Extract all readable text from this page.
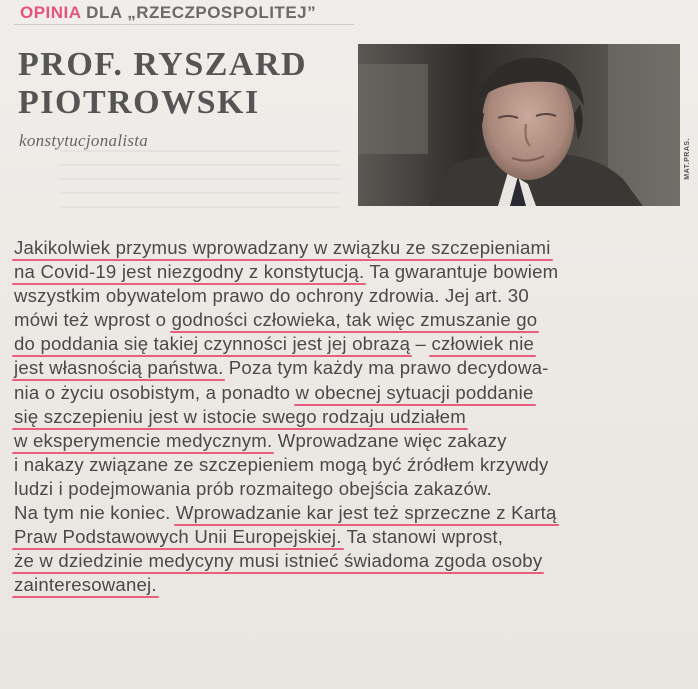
OPINIA DLA „RZECZPOSPOLITEJ”
PROF. RYSZARD
PIOTROWSKI
konstytucjonalista	MAT.PRAS.
Jakikolwiek przymus wprowadzany w związku ze szczepieniami
na Covid-19 jest niezgodny z konstytucją. Ta gwarantuje bowiem
wszystkim obywatelom prawo do ochrony zdrowia. Jej art. 30
mówi też wprost o godności człowieka, tak więc zmuszanie go
do poddania się takiej czynności jest jej obrazą – człowiek nie
jest własnością państwa. Poza tym każdy ma prawo decydowa-
nia o życiu osobistym, a ponadto w obecnej sytuacji poddanie
się szczepieniu jest w istocie swego rodzaju udziałem
w eksperymencie medycznym. Wprowadzane więc zakazy
i nakazy związane ze szczepieniem mogą być źródłem krzywdy
ludzi i podejmowania prób rozmaitego obejścia zakazów.
Na tym nie koniec. Wprowadzanie kar jest też sprzeczne z Kartą
Praw Podstawowych Unii Europejskiej. Ta stanowi wprost,
że w dziedzinie medycyny musi istnieć świadoma zgoda osoby
zainteresowanej.
